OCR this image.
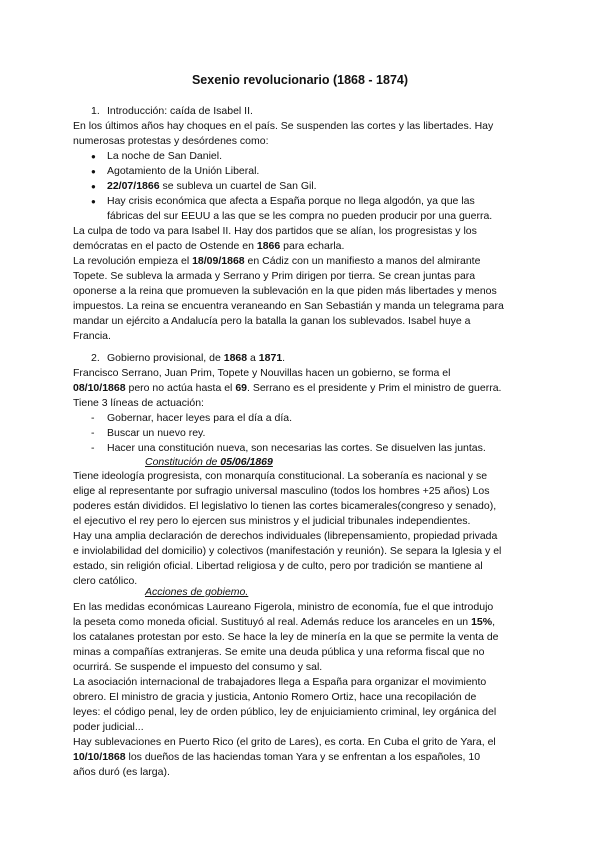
Sexenio revolucionario (1868 - 1874)
1. Introducción: caída de Isabel II.
En los últimos años hay choques en el país. Se suspenden las cortes y las libertades. Hay
numerosas protestas y desórdenes como:
● La noche de San Daniel.
● Agotamiento de la Unión Liberal.
● 22/07/1866 se subleva un cuartel de San Gil.
● Hay crisis económica que afecta a España porque no llega algodón, ya que las
fábricas del sur EEUU a las que se les compra no pueden producir por una guerra.
La culpa de todo va para Isabel II. Hay dos partidos que se alían, los progresistas y los
demócratas en el pacto de Ostende en 1866 para echarla.
La revolución empieza el 18/09/1868 en Cádiz con un manifiesto a manos del almirante
Topete. Se subleva la armada y Serrano y Prim dirigen por tierra. Se crean juntas para
oponerse a la reina que promueven la sublevación en la que piden más libertades y menos
impuestos. La reina se encuentra veraneando en San Sebastián y manda un telegrama para
mandar un ejército a Andalucía pero la batalla la ganan los sublevados. Isabel huye a
Francia.
2. Gobierno provisional, de 1868 a 1871.
Francisco Serrano, Juan Prim, Topete y Nouvillas hacen un gobierno, se forma el
08/10/1868 pero no actúa hasta el 69. Serrano es el presidente y Prim el ministro de guerra.
Tiene 3 líneas de actuación:
- Gobernar, hacer leyes para el día a día.
- Buscar un nuevo rey.
- Hacer una constitución nueva, son necesarias las cortes. Se disuelven las juntas.
Constitución de 05/06/1869
Tiene ideología progresista, con monarquía constitucional. La soberanía es nacional y se
elige al representante por sufragio universal masculino (todos los hombres +25 años) Los
poderes están divididos. El legislativo lo tienen las cortes bicamerales(congreso y senado),
el ejecutivo el rey pero lo ejercen sus ministros y el judicial tribunales independientes.
Hay una amplia declaración de derechos individuales (librepensamiento, propiedad privada
e inviolabilidad del domicilio) y colectivos (manifestación y reunión). Se separa la Iglesia y el
estado, sin religión oficial. Libertad religiosa y de culto, pero por tradición se mantiene al
clero católico.
Acciones de gobiemo.
En las medidas económicas Laureano Figerola, ministro de economía, fue el que introdujo
la peseta como moneda oficial. Sustituyó al real. Además reduce los aranceles en un 15%,
los catalanes protestan por esto. Se hace la ley de minería en la que se permite la venta de
minas a compañías extranjeras. Se emite una deuda pública y una reforma fiscal que no
ocurrirá. Se suspende el impuesto del consumo y sal.
La asociación internacional de trabajadores llega a España para organizar el movimiento
obrero. El ministro de gracia y justicia, Antonio Romero Ortiz, hace una recopilación de
leyes: el código penal, ley de orden público, ley de enjuiciamiento criminal, ley orgánica del
poder judicial...
Hay sublevaciones en Puerto Rico (el grito de Lares), es corta. En Cuba el grito de Yara, el
10/10/1868 los dueños de las haciendas toman Yara y se enfrentan a los españoles, 10
años duró (es larga).
